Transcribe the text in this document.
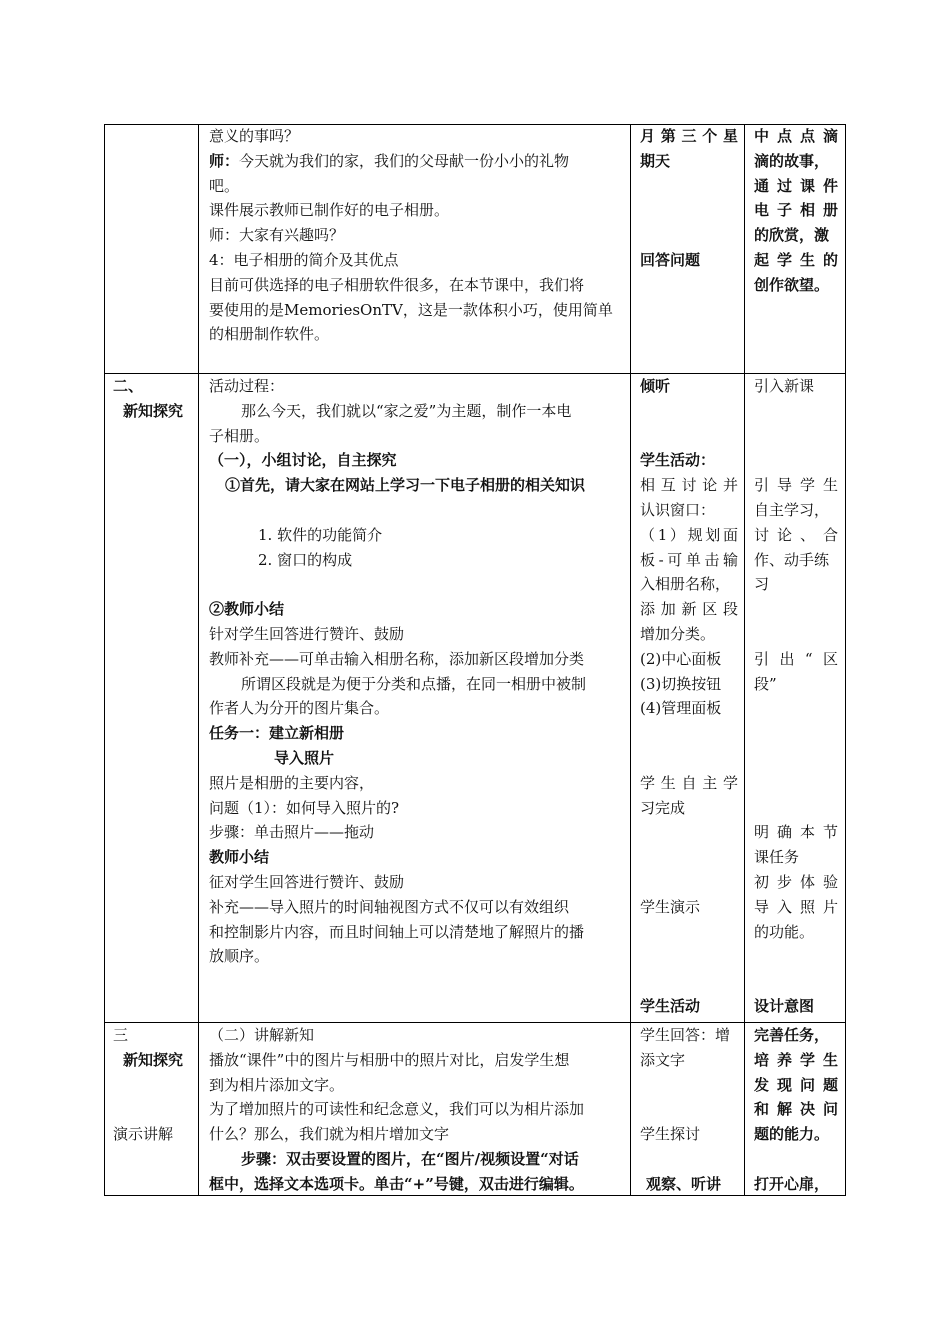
意义的事吗？

师：今天就为我们的家，我们的父母献一份小小的礼物

吧。

课件展示教师已制作好的电子相册。

师：大家有兴趣吗？

4：电子相册的简介及其优点

目前可供选择的电子相册软件很多，在本节课中，我们将

要使用的是MemoriesOnTV，这是一款体积小巧，使用简单

的相册制作软件。

月第三个星

期天

回答问题

中点点滴

滴的故事，

通过课件

电子相册

的欣赏，激

起学生的

创作欲望。

二、

新知探究

活动过程：

那么今天，我们就以“家之爱”为主题，制作一本电

子相册。

（一），小组讨论，自主探究

①首先，请大家在网站上学习一下电子相册的相关知识

1. 软件的功能简介

2. 窗口的构成

②教师小结

针对学生回答进行赞许、鼓励

教师补充——可单击输入相册名称，添加新区段增加分类

所谓区段就是为便于分类和点播，在同一相册中被制

作者人为分开的图片集合。

任务一：建立新相册

导入照片

照片是相册的主要内容，

问题（1）：如何导入照片的?

步骤：单击照片——拖动

教师小结

征对学生回答进行赞许、鼓励

补充——导入照片的时间轴视图方式不仅可以有效组织

和控制影片内容，而且时间轴上可以清楚地了解照片的播

放顺序。

倾听

学生活动：

相互讨论并

认识窗口：

（1）规划面

板-可单击输

入相册名称，

添加新区段

增加分类。

(2)中心面板

(3)切换按钮

(4)管理面板

学生自主学

习完成

学生演示

学生活动

引入新课

引导学生

自主学习，

讨论、合

作、动手练

习

引出“区

段”

明确本节

课任务

初步体验

导入照片

的功能。

设计意图

三

新知探究

演示讲解

（二）讲解新知

播放“课件”中的图片与相册中的照片对比，启发学生想

到为相片添加文字。

为了增加照片的可读性和纪念意义，我们可以为相片添加

什么？那么，我们就为相片增加文字

步骤：双击要设置的图片，在“图片/视频设置“对话

框中，选择文本选项卡。单击“+”号键，双击进行编辑。

学生回答：增

添文字

学生探讨

观察、听讲

完善任务，

培养学生

发现问题

和解决问

题的能力。

打开心扉，
